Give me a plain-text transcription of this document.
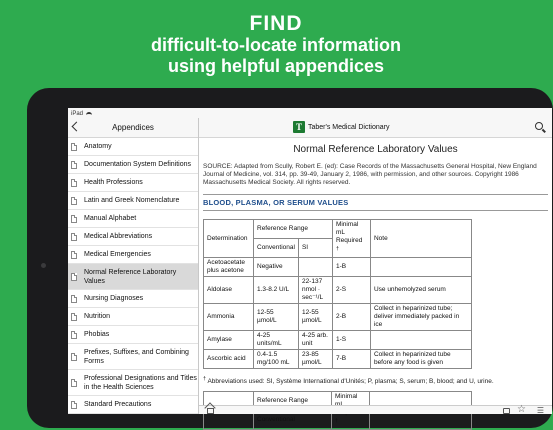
FIND
difficult-to-locate information
using helpful appendices
iPad
Appendices
Anatomy
Documentation System Definitions
Health Professions
Latin and Greek Nomenclature
Manual Alphabet
Medical Abbreviations
Medical Emergencies
Normal Reference Laboratory Values
Nursing Diagnoses
Nutrition
Phobias
Prefixes, Suffixes, and Combining Forms
Professional Designations and Titles in the Health Sciences
Standard Precautions
T Taber's Medical Dictionary
Normal Reference Laboratory Values

SOURCE: Adapted from Scully, Robert E. (ed): Case Records of the Massachusetts General Hospital, New England Journal of Medicine, vol. 314, pp. 39-49, January 2, 1986, with permission, and other sources. Copyright 1986 Massachusetts Medical Society. All rights reserved.

BLOOD, PLASMA, OR SERUM VALUES
Determination	Reference Range		Minimal mL Required †	Note
	Conventional	SI		
Acetoacetate plus acetone	Negative		1-B	
Aldolase	1.3-8.2 U/L	22-137 nmol · sec⁻¹/L	2-S	Use unhemolyzed serum
Ammonia	12-55 µmol/L	12-55 µmol/L	2-B	Collect in heparinized tube; deliver immediately packed in ice
Amylase	4-25 units/mL	4-25 arb. unit	1-S	
Ascorbic acid	0.4-1.5 mg/100 mL	23-85 µmol/L	7-B	Collect in heparinized tube before any food is given

† Abbreviations used: SI, Système International d'Unités; P, plasma; S, serum; B, blood; and U, urine.

	Reference Range	Minimal †	
Conventional
☆ ☰
